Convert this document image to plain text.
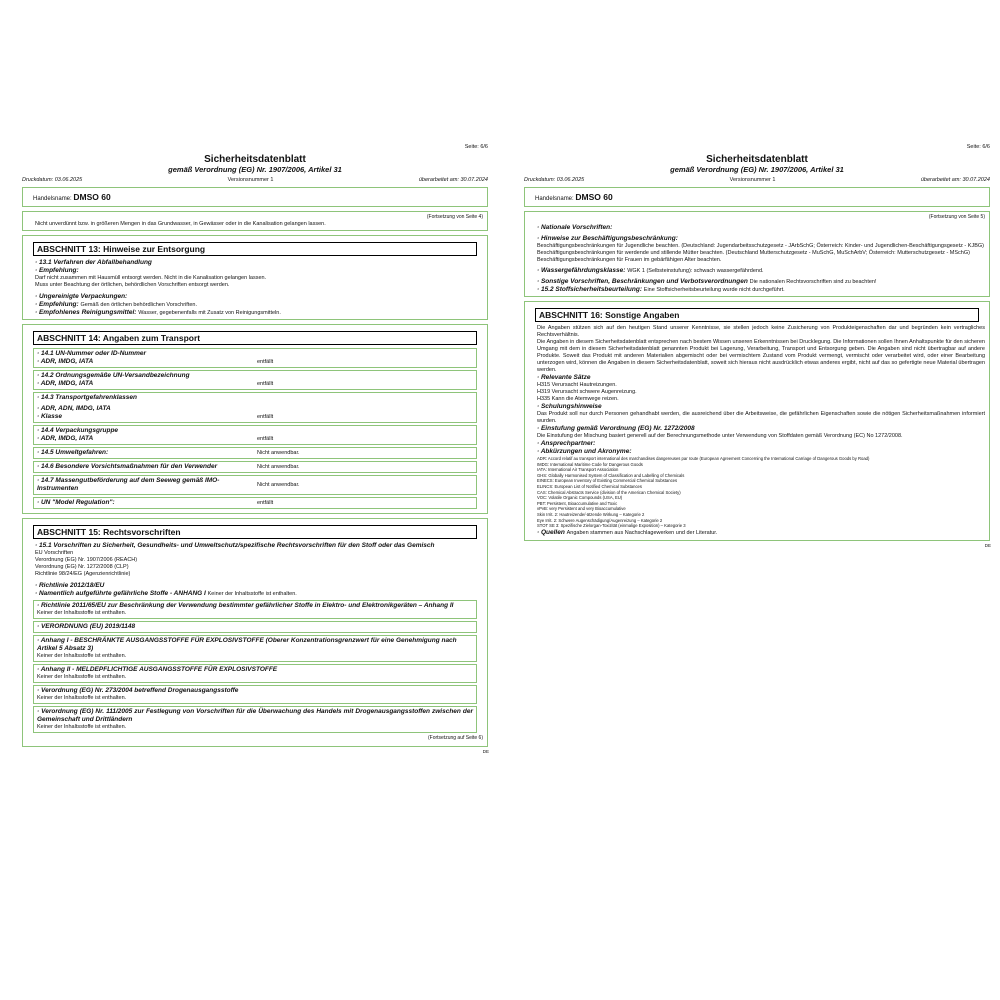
Seite: 6/6
Sicherheitsdatenblatt
gemäß Verordnung (EG) Nr. 1907/2006, Artikel 31
Druckdatum: 03.06.2025	Versionsnummer 1	überarbeitet am: 30.07.2024
Handelsname: DMSO 60
(Fortsetzung von Seite 4)
Nicht unverdünnt bzw. in größeren Mengen in das Grundwasser, in Gewässer oder in die Kanalisation gelangen lassen.
ABSCHNITT 13: Hinweise zur Entsorgung
· 13.1 Verfahren der Abfallbehandlung
· Empfehlung:
Darf nicht zusammen mit Hausmüll entsorgt werden. Nicht in die Kanalisation gelangen lassen.
Muss unter Beachtung der örtlichen, behördlichen Vorschriften entsorgt werden.
· Ungereinigte Verpackungen:
· Empfehlung: Gemäß den örtlichen behördlichen Vorschriften.
· Empfohlenes Reinigungsmittel: Wasser, gegebenenfalls mit Zusatz von Reinigungsmitteln.
ABSCHNITT 14: Angaben zum Transport
· 14.1 UN-Nummer oder ID-Nummer
· ADR, IMDG, IATA	entfällt
· 14.2 Ordnungsgemäße UN-Versandbezeichnung
· ADR, IMDG, IATA	entfällt
· 14.3 Transportgefahrenklassen
· ADR, ADN, IMDG, IATA
· Klasse	entfällt
· 14.4 Verpackungsgruppe
· ADR, IMDG, IATA	entfällt
· 14.5 Umweltgefahren:	Nicht anwendbar.
· 14.6 Besondere Vorsichtsmaßnahmen für den Verwender	Nicht anwendbar.
· 14.7 Massengutbeförderung auf dem Seeweg gemäß IMO-Instrumenten	Nicht anwendbar.
· UN "Model Regulation":	entfällt
ABSCHNITT 15: Rechtsvorschriften
· 15.1 Vorschriften zu Sicherheit, Gesundheits- und Umweltschutz/spezifische Rechtsvorschriften für den Stoff oder das Gemisch
EU Vorschriften
Verordnung (EG) Nr. 1907/2006 (REACH)
Verordnung (EG) Nr. 1272/2008 (CLP)
Richtlinie 98/24/EG (Agenzienrichtlinie)
· Richtlinie 2012/18/EU
· Namentlich aufgeführte gefährliche Stoffe - ANHANG I Keiner der Inhaltsstoffe ist enthalten.
· Richtlinie 2011/65/EU zur Beschränkung der Verwendung bestimmter gefährlicher Stoffe in Elektro- und Elektronikgeräten – Anhang II
Keiner der Inhaltsstoffe ist enthalten.
· VERORDNUNG (EU) 2019/1148
· Anhang I - BESCHRÄNKTE AUSGANGSSTOFFE FÜR EXPLOSIVSTOFFE (Oberer Konzentrationsgrenzwert für eine Genehmigung nach Artikel 5 Absatz 3)
Keiner der Inhaltsstoffe ist enthalten.
· Anhang II - MELDEPFLICHTIGE AUSGANGSSTOFFE FÜR EXPLOSIVSTOFFE
Keiner der Inhaltsstoffe ist enthalten.
· Verordnung (EG) Nr. 273/2004 betreffend Drogenausgangsstoffe
Keiner der Inhaltsstoffe ist enthalten.
· Verordnung (EG) Nr. 111/2005 zur Festlegung von Vorschriften für die Überwachung des Handels mit Drogenausgangsstoffen zwischen der Gemeinschaft und Drittländern
Keiner der Inhaltsstoffe ist enthalten.
(Fortsetzung auf Seite 6)
DE
Seite: 6/6
Sicherheitsdatenblatt
gemäß Verordnung (EG) Nr. 1907/2006, Artikel 31
Druckdatum: 03.06.2025	Versionsnummer 1	überarbeitet am: 30.07.2024
Handelsname: DMSO 60
(Fortsetzung von Seite 5)
· Nationale Vorschriften:
· Hinweise zur Beschäftigungsbeschränkung:
Beschäftigungsbeschränkungen für Jugendliche beachten. (Deutschland: Jugendarbeitsschutzgesetz - JArbSchG; Österreich: Kinder- und Jugendlichen-Beschäftigungsgesetz - KJBG)
Beschäftigungsbeschränkungen für werdende und stillende Mütter beachten. (Deutschland Mutterschutzgesetz - MuSchG, MuSchArbV; Österreich: Mutterschutzgesetz - MSchG)
Beschäftigungsbeschränkungen für Frauen im gebärfähigen Alter beachten.
· Wassergefährdungsklasse: WGK 1 (Selbsteinstufung): schwach wassergefährdend.
· Sonstige Vorschriften, Beschränkungen und Verbotsverordnungen Die nationalen Rechtsvorschriften sind zu beachten!
· 15.2 Stoffsicherheitsbeurteilung: Eine Stoffsicherheitsbeurteilung wurde nicht durchgeführt.
ABSCHNITT 16: Sonstige Angaben
Die Angaben stützen sich auf den heutigen Stand unserer Kenntnisse, sie stellen jedoch keine Zusicherung von Produkteigenschaften dar und begründen kein vertragliches Rechtsverhältnis.
Die Angaben in diesem Sicherheitsdatenblatt entsprechen nach bestem Wissen unseren Erkenntnissen bei Drucklegung. Die Informationen sollen Ihnen Anhaltspunkte für den sicheren Umgang mit dem in diesem Sicherheitsdatenblatt genannten Produkt bei Lagerung, Verarbeitung, Transport und Entsorgung geben. Die Angaben sind nicht übertragbar auf andere Produkte. Soweit das Produkt mit anderen Materialien abgemischt oder bei vermischtem Zustand vom Produkt vermengt, vermischt oder verarbeitet wird, oder einer Bearbeitung unterzogen wird, können die Angaben in diesem Sicherheitsdatenblatt, soweit sich hieraus nicht ausdrücklich etwas anderes ergibt, nicht auf das so gefertigte neue Material übertragen werden.
· Relevante Sätze
H315 Verursacht Hautreizungen.
H319 Verursacht schwere Augenreizung.
H335 Kann die Atemwege reizen.
· Schulungshinweise
Das Produkt soll nur durch Personen gehandhabt werden, die ausreichend über die Arbeitsweise, die gefährlichen Eigenschaften sowie die nötigen Sicherheitsmaßnahmen informiert wurden.
· Einstufung gemäß Verordnung (EG) Nr. 1272/2008
Die Einstufung der Mischung basiert generell auf der Berechnungsmethode unter Verwendung von Stoffdaten gemäß Verordnung (EC) No 1272/2008.
· Ansprechpartner:
· Abkürzungen und Akronyme:
ADR: Accord relatif au transport international des marchandises dangereuses par route (European Agreement Concerning the International Carriage of Dangerous Goods by Road)
IMDG: International Maritime Code for Dangerous Goods
IATA: International Air Transport Association
GHS: Globally Harmonised System of Classification and Labelling of Chemicals
EINECS: European Inventory of Existing Commercial Chemical Substances
ELINCS: European List of Notified Chemical Substances
CAS: Chemical Abstracts Service (division of the American Chemical Society)
VOC: Volatile Organic Compounds (USA, EU)
PBT: Persistent, Bioaccumulative and Toxic
vPvB: very Persistent and very Bioaccumulative
Skin Irrit. 2: Hautreizende/-ätzende Wirkung – Kategorie 2
Eye Irrit. 2: Schwere Augenschädigung/Augenreizung – Kategorie 2
STOT SE 3: Spezifische Zielorgan-Toxizität (einmalige Exposition) – Kategorie 3
· Quellen Angaben stammen aus Nachschlagewerken und der Literatur.
DE
